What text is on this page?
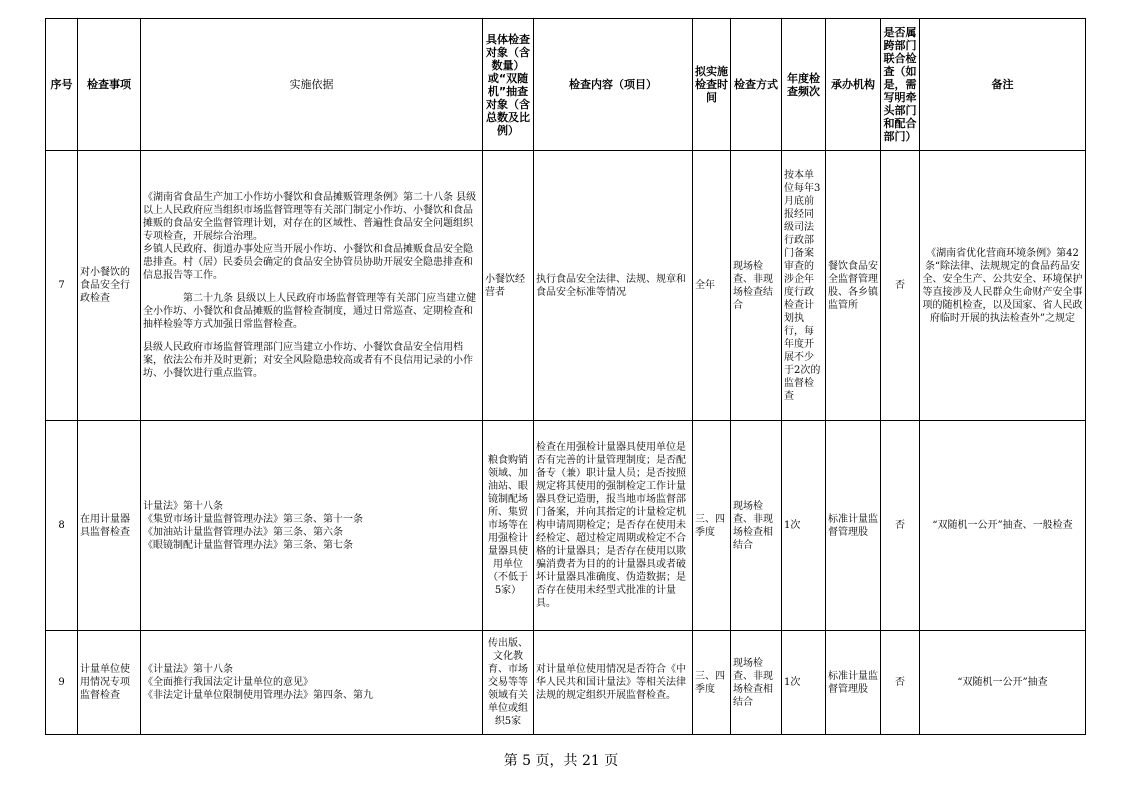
序号	检查事项	实施依据	具体检查对象（含数量）或“双随机”抽查对象（含总数及比例）	检查内容（项目）	拟实施检查时间	检查方式	年度检查频次	承办机构	是否属跨部门联合检查（如是，需写明牵头部门和配合部门）	备注
7	对小餐饮的食品安全行政检查	《湖南省食品生产加工小作坊小餐饮和食品摊贩管理条例》第二十八条 县级以上人民政府应当组织市场监督管理等有关部门制定小作坊、小餐饮和食品摊贩的食品安全监督管理计划，对存在的区域性、普遍性食品安全问题组织专项检查，开展综合治理。

乡镇人民政府、街道办事处应当开展小作坊、小餐饮和食品摊贩食品安全隐患排查。村（居）民委员会确定的食品安全协管员协助开展安全隐患排查和信息报告等工作。

第二十九条 县级以上人民政府市场监督管理等有关部门应当建立健全小作坊、小餐饮和食品摊贩的监督检查制度，通过日常巡查、定期检查和抽样检验等方式加强日常监督检查。

县级人民政府市场监督管理部门应当建立小作坊、小餐饮食品安全信用档案，依法公布并及时更新；对安全风险隐患较高或者有不良信用记录的小作坊、小餐饮进行重点监管。	小餐饮经营者	执行食品安全法律、法规、规章和食品安全标准等情况	全年	现场检查、非现场检查结合	按本单位每年3月底前报经同级司法行政部门备案审查的涉企年度行政检查计划执行，每年度开展不少于2次的监督检查	餐饮食品安全监督管理股、各乡镇监管所	否	《湖南省优化营商环境条例》第42条“除法律、法规规定的食品药品安全、安全生产、公共安全、环境保护等直接涉及人民群众生命财产安全事项的随机检查，以及国家、省人民政府临时开展的执法检查外”之规定
8	在用计量器具监督检查	计量法》第十八条

《集贸市场计量监督管理办法》第三条、第十一条

《加油站计量监督管理办法》第三条、第六条

《眼镜制配计量监督管理办法》第三条、第七条	粮食购销领域、加油站、眼镜制配场所、集贸市场等在用强检计量器具使用单位（不低于5家）	检查在用强检计量器具使用单位是否有完善的计量管理制度；是否配备专（兼）职计量人员；是否按照规定将其使用的强制检定工作计量器具登记造册，报当地市场监督部门备案，并向其指定的计量检定机构申请周期检定；是否存在使用未经检定、超过检定周期或检定不合格的计量器具；是否存在使用以欺骗消费者为目的的计量器具或者破坏计量器具准确度、伪造数据；是否存在使用未经型式批准的计量具。	三、四季度	现场检查、非现场检查相结合	1次	标准计量监督管理股	否	“双随机一公开”抽查、一般检查
9	计量单位使用情况专项监督检查	《计量法》第十八条

《全面推行我国法定计量单位的意见》

《非法定计量单位限制使用管理办法》第四条、第九	传出版、文化教育、市场交易等等领域有关单位或组织5家	对计量单位使用情况是否符合《中华人民共和国计量法》等相关法律法规的规定组织开展监督检查。	三、四季度	现场检查、非现场检查相结合	1次	标准计量监督管理股	否	“双随机一公开”抽查
第 5 页，共 21 页
